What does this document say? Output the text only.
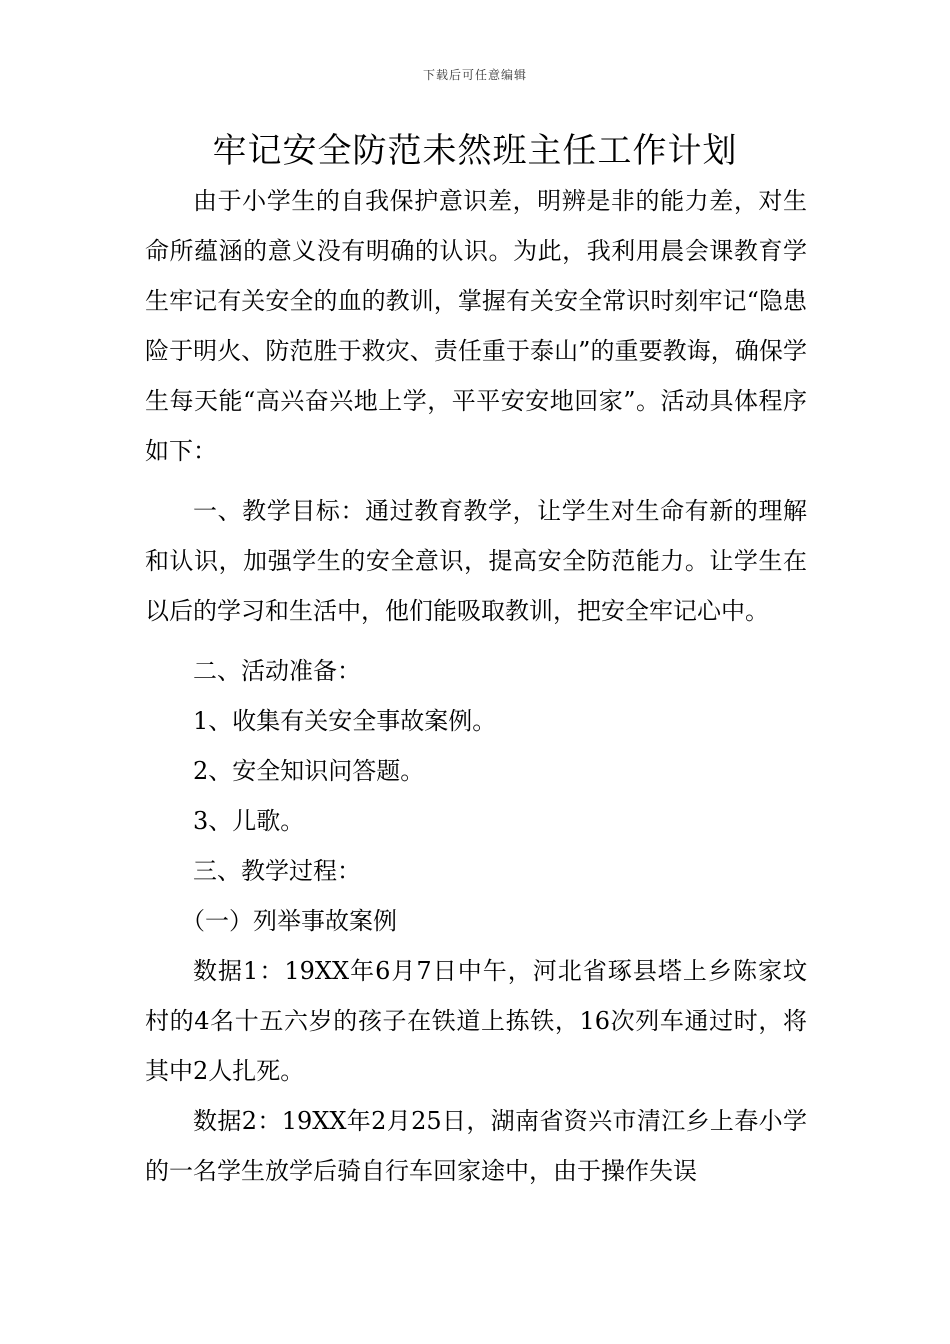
下载后可任意编辑
牢记安全防范未然班主任工作计划

由于小学生的自我保护意识差，明辨是非的能力差，对生命所蕴涵的意义没有明确的认识。为此，我利用晨会课教育学生牢记有关安全的血的教训，掌握有关安全常识时刻牢记“隐患险于明火、防范胜于救灾、责任重于泰山”的重要教诲，确保学生每天能“高兴奋兴地上学，平平安安地回家”。活动具体程序如下：

一、教学目标：通过教育教学，让学生对生命有新的理解和认识，加强学生的安全意识，提高安全防范能力。让学生在以后的学习和生活中，他们能吸取教训，把安全牢记心中。

二、活动准备：

1、收集有关安全事故案例。

2、安全知识问答题。

3、儿歌。

三、教学过程：

（一）列举事故案例

数据1：19XX年6月7日中午，河北省琢县塔上乡陈家坟村的4名十五六岁的孩子在铁道上拣铁，16次列车通过时，将其中2人扎死。

数据2：19XX年2月25日，湖南省资兴市清江乡上春小学的一名学生放学后骑自行车回家途中，由于操作失误
